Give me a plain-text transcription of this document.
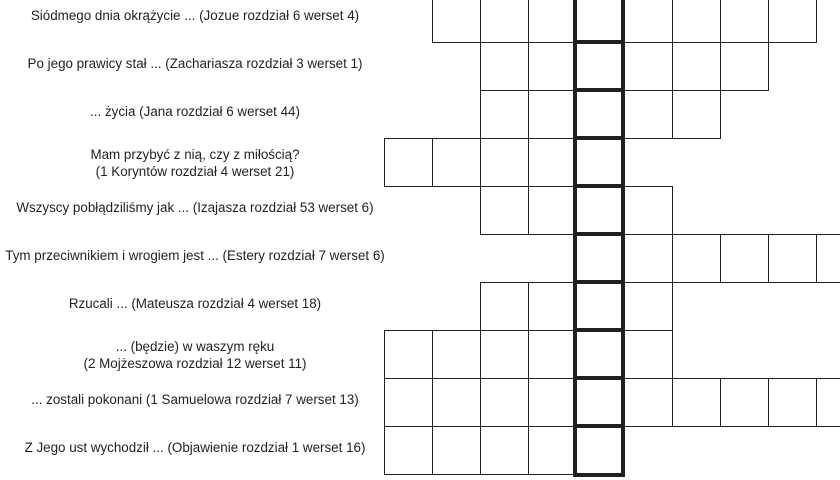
Siódmego dnia okrążycie ... (Jozue rozdział 6 werset 4)
Po jego prawicy stał ... (Zachariasza rozdział 3 werset 1)
... życia (Jana rozdział 6 werset 44)
Mam przybyć z nią, czy z miłością?
(1 Koryntów rozdział 4 werset 21)
Wszyscy pobłądziliśmy jak ... (Izajasza rozdział 53 werset 6)
Tym przeciwnikiem i wrogiem jest ... (Estery rozdział 7 werset 6)
Rzucali ... (Mateusza rozdział 4 werset 18)
... (będzie) w waszym ręku
(2 Mojżeszowa rozdział 12 werset 11)
... zostali pokonani (1 Samuelowa rozdział 7 werset 13)
Z Jego ust wychodził ... (Objawienie rozdział 1 werset 16)
